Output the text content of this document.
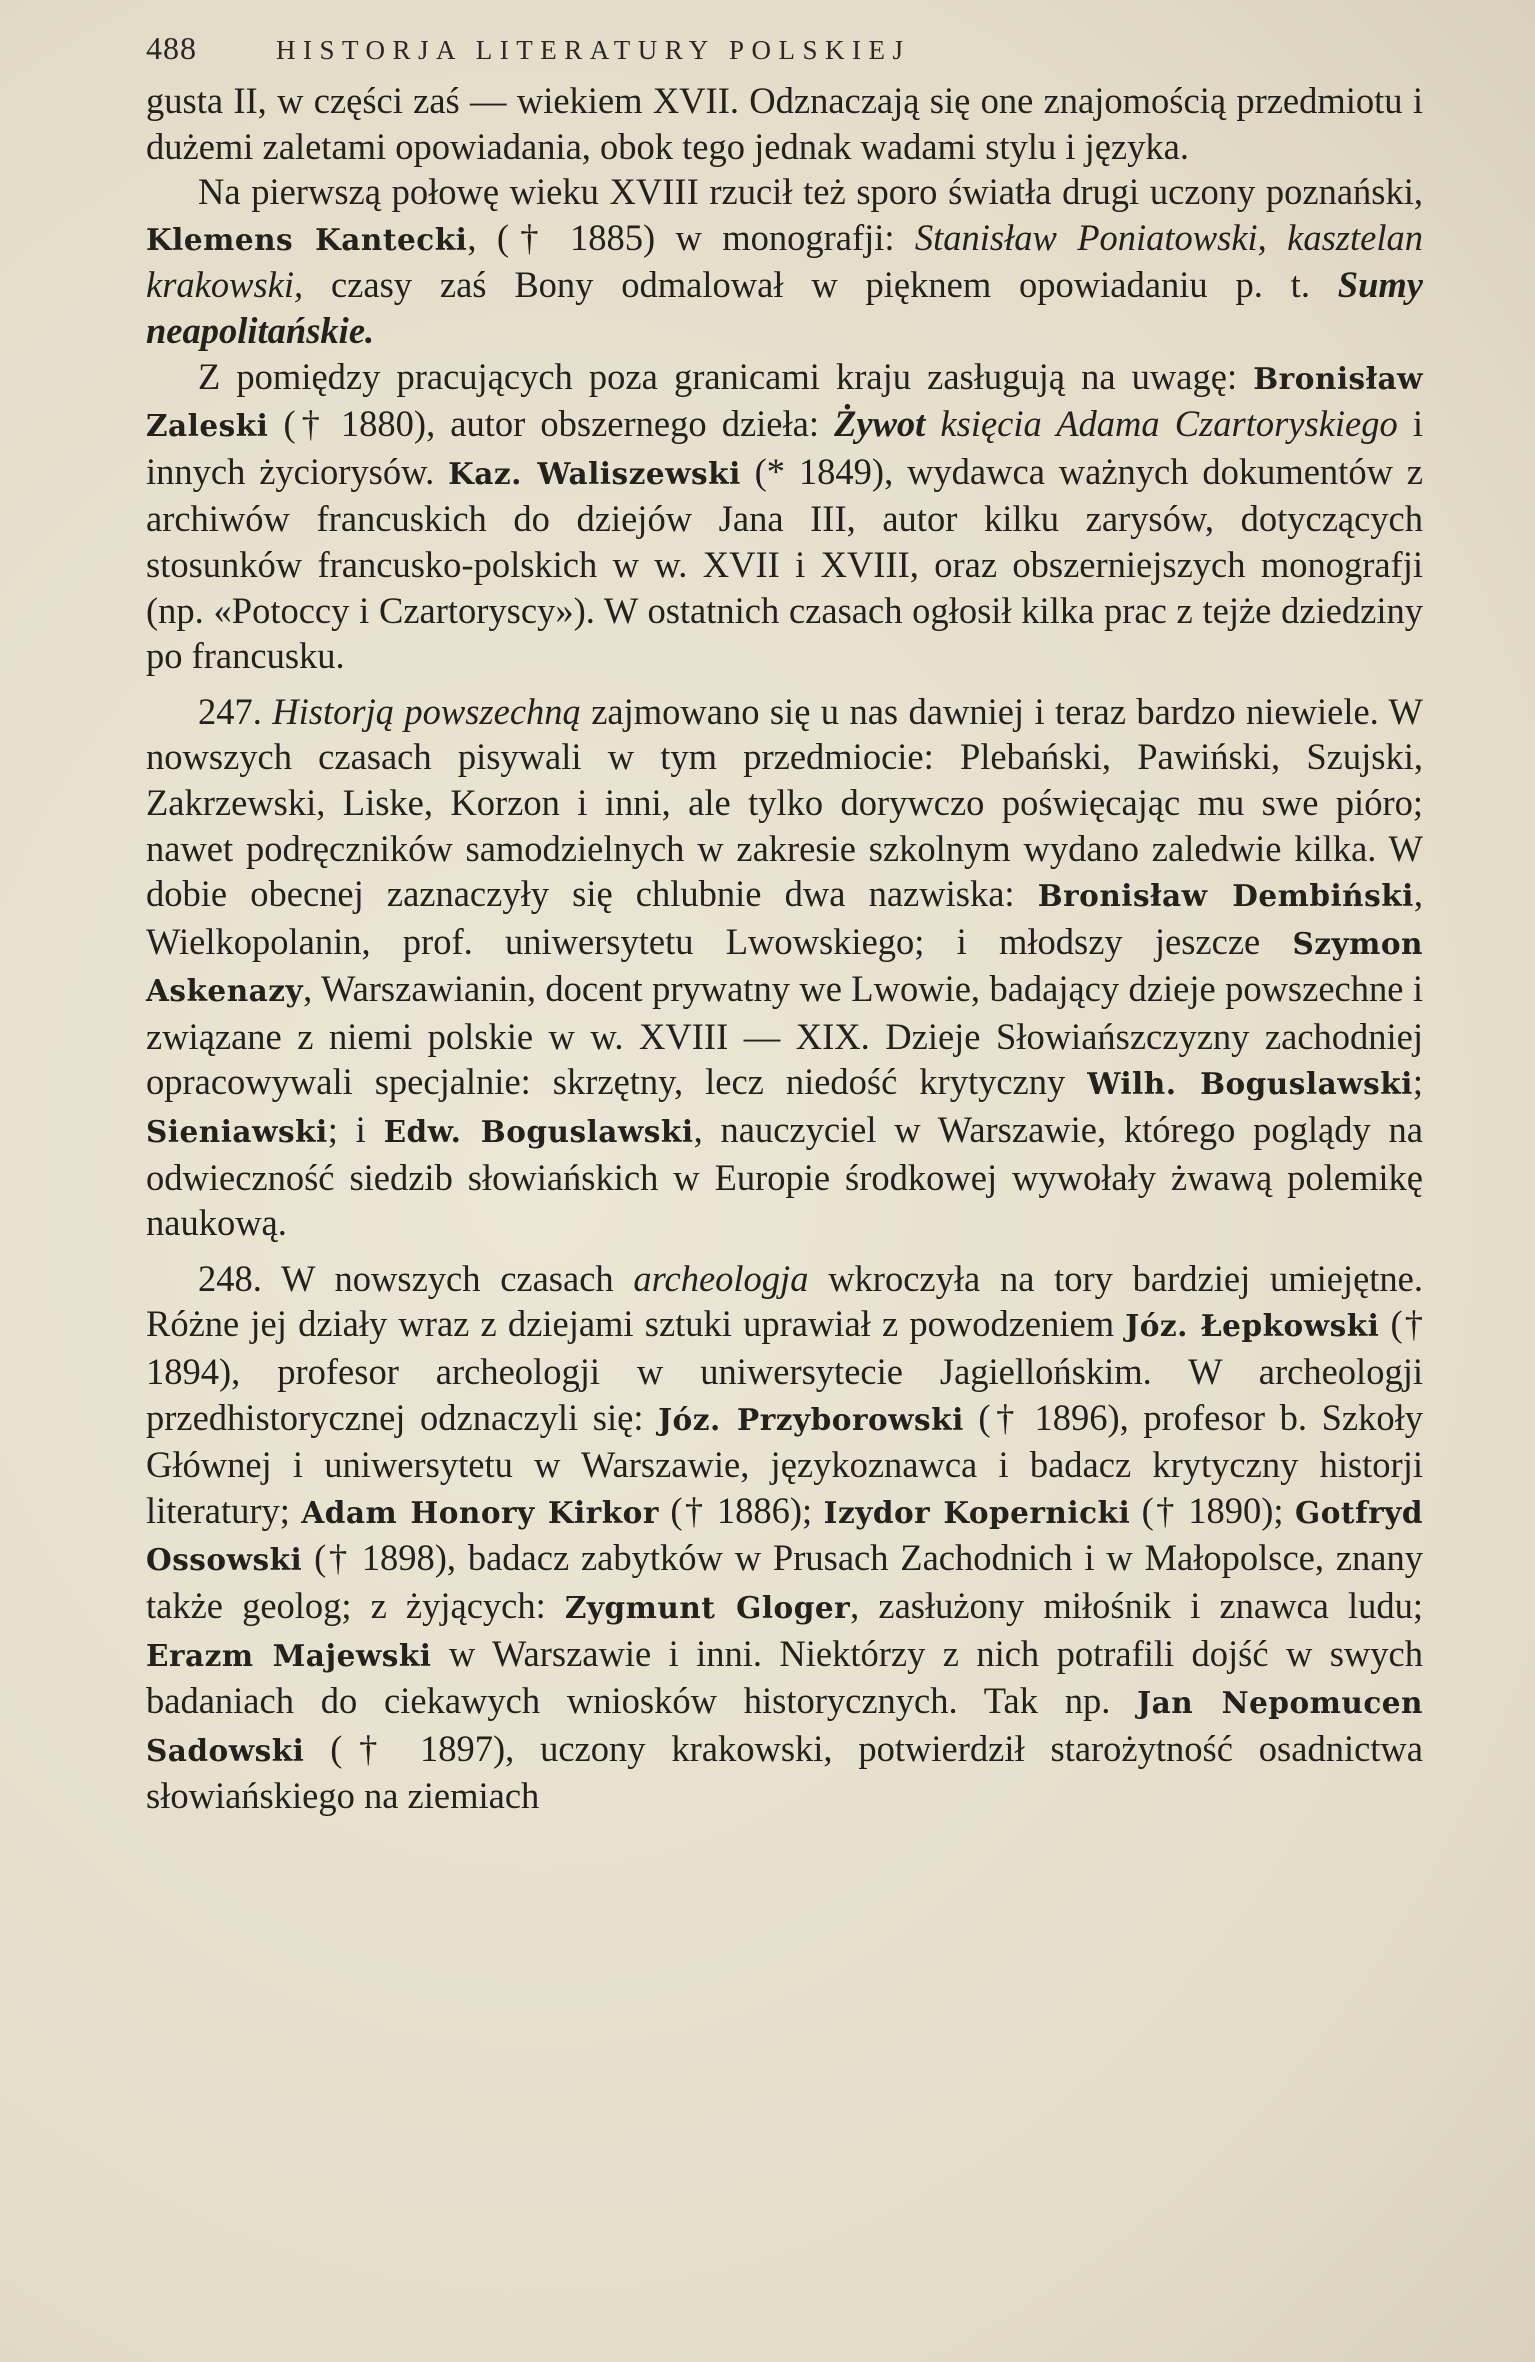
488	HISTORJA LITERATURY POLSKIEJ

gusta II, w części zaś — wiekiem XVII. Odznaczają się one znajomością przedmiotu i dużemi zaletami opowiadania, obok tego jednak wadami stylu i języka.

Na pierwszą połowę wieku XVIII rzucił też sporo światła drugi uczony poznański, Klemens Kantecki, († 1885) w monografji: Stanisław Poniatowski, kasztelan krakowski, czasy zaś Bony odmalował w pięknem opowiadaniu p. t. Sumy neapolitańskie.

Z pomiędzy pracujących poza granicami kraju zasługują na uwagę: Bronisław Zaleski († 1880), autor obszernego dzieła: Żywot księcia Adama Czartoryskiego i innych życiorysów. Kaz. Waliszewski (* 1849), wydawca ważnych dokumentów z archiwów francuskich do dziejów Jana III, autor kilku zarysów, dotyczących stosunków francusko-polskich w w. XVII i XVIII, oraz obszerniejszych monografji (np. «Potoccy i Czartoryscy»). W ostatnich czasach ogłosił kilka prac z tejże dziedziny po francusku.

247. Historją powszechną zajmowano się u nas dawniej i teraz bardzo niewiele. W nowszych czasach pisywali w tym przedmiocie: Plebański, Pawiński, Szujski, Zakrzewski, Liske, Korzon i inni, ale tylko dorywczo poświęcając mu swe pióro; nawet podręczników samodzielnych w zakresie szkolnym wydano zaledwie kilka. W dobie obecnej zaznaczyły się chlubnie dwa nazwiska: Bronisław Dembiński, Wielkopolanin, prof. uniwersytetu Lwowskiego; i młodszy jeszcze Szymon Askenazy, Warszawianin, docent prywatny we Lwowie, badający dzieje powszechne i związane z niemi polskie w w. XVIII — XIX. Dzieje Słowiańszczyzny zachodniej opracowywali specjalnie: skrzętny, lecz niedość krytyczny Wilh. Boguslawski; Sieniawski; i Edw. Boguslawski, nauczyciel w Warszawie, którego poglądy na odwieczność siedzib słowiańskich w Europie środkowej wywołały żwawą polemikę naukową.

248. W nowszych czasach archeologja wkroczyła na tory bardziej umiejętne. Różne jej działy wraz z dziejami sztuki uprawiał z powodzeniem Józ. Łepkowski († 1894), profesor archeologji w uniwersytecie Jagiellońskim. W archeologji przedhistorycznej odznaczyli się: Józ. Przyborowski († 1896), profesor b. Szkoły Głównej i uniwersytetu w Warszawie, językoznawca i badacz krytyczny historji literatury; Adam Honory Kirkor († 1886); Izydor Kopernicki († 1890); Gotfryd Ossowski († 1898), badacz zabytków w Prusach Zachodnich i w Małopolsce, znany także geolog; z żyjących: Zygmunt Gloger, zasłużony miłośnik i znawca ludu; Erazm Majewski w Warszawie i inni. Niektórzy z nich potrafili dojść w swych badaniach do ciekawych wniosków historycznych. Tak np. Jan Nepomucen Sadowski († 1897), uczony krakowski, potwierdził starożytność osadnictwa słowiańskiego na ziemiach
